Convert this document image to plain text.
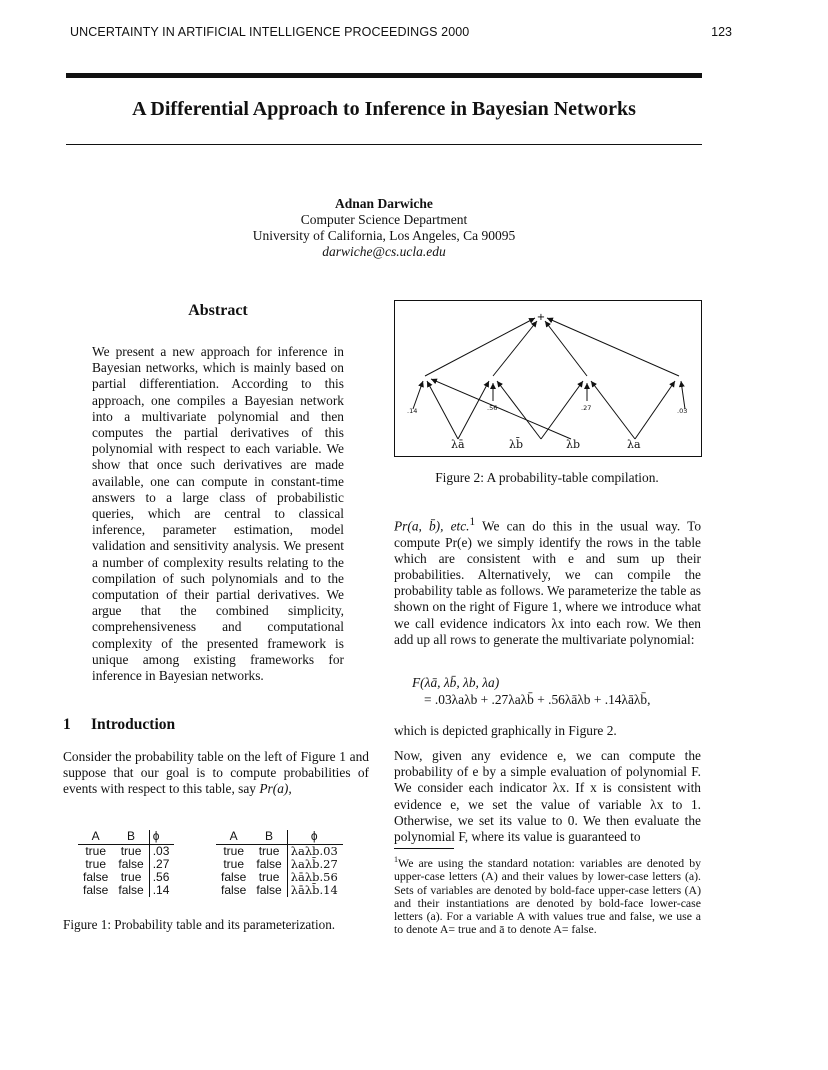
UNCERTAINTY IN ARTIFICIAL INTELLIGENCE PROCEEDINGS 2000	123
A Differential Approach to Inference in Bayesian Networks
Adnan Darwiche
Computer Science Department
University of California, Los Angeles, Ca 90095
darwiche@cs.ucla.edu
Abstract
We present a new approach for inference in Bayesian networks, which is mainly based on partial differentiation. According to this approach, one compiles a Bayesian network into a multivariate polynomial and then computes the partial derivatives of this polynomial with respect to each variable. We show that once such derivatives are made available, one can compute in constant-time answers to a large class of probabilistic queries, which are central to classical inference, parameter estimation, model validation and sensitivity analysis. We present a number of complexity results relating to the compilation of such polynomials and to the computation of their partial derivatives. We argue that the combined simplicity, comprehensiveness and computational complexity of the presented framework is unique among existing frameworks for inference in Bayesian networks.
1 Introduction
Consider the probability table on the left of Figure 1 and suppose that our goal is to compute probabilities of events with respect to this table, say Pr(a),
A	B	ϕ
true	true	.03
true	false	.27
false	true	.56
false	false	.14
A	B	ϕ
true	true	λaλb.03
true	false	λaλb̄.27
false	true	λāλb.56
false	false	λāλb̄.14
Figure 1: Probability table and its parameterization.
+
.14	.56	.27	.03
λā	λb̄	λb	λa
Figure 2: A probability-table compilation.
Pr(a, b̄), etc.$^1$ We can do this in the usual way. To compute Pr(e) we simply identify the rows in the table which are consistent with e and sum up their probabilities. Alternatively, we can compile the probability table as follows. We parameterize the table as shown on the right of Figure 1, where we introduce what we call evidence indicators λx into each row. We then add up all rows to generate the multivariate polynomial:
F(λā, λb̄, λb, λa)
= .03λaλb + .27λaλb̄ + .56λāλb + .14λāλb̄,
which is depicted graphically in Figure 2.
Now, given any evidence e, we can compute the probability of e by a simple evaluation of polynomial F. We consider each indicator λx. If x is consistent with evidence e, we set the value of variable λx to 1. Otherwise, we set its value to 0. We then evaluate the polynomial F, where its value is guaranteed to
$^1$We are using the standard notation: variables are denoted by upper-case letters (A) and their values by lower-case letters (a). Sets of variables are denoted by bold-face upper-case letters (A) and their instantiations are denoted by bold-face lower-case letters (a). For a variable A with values true and false, we use a to denote A= true and ā to denote A= false.
